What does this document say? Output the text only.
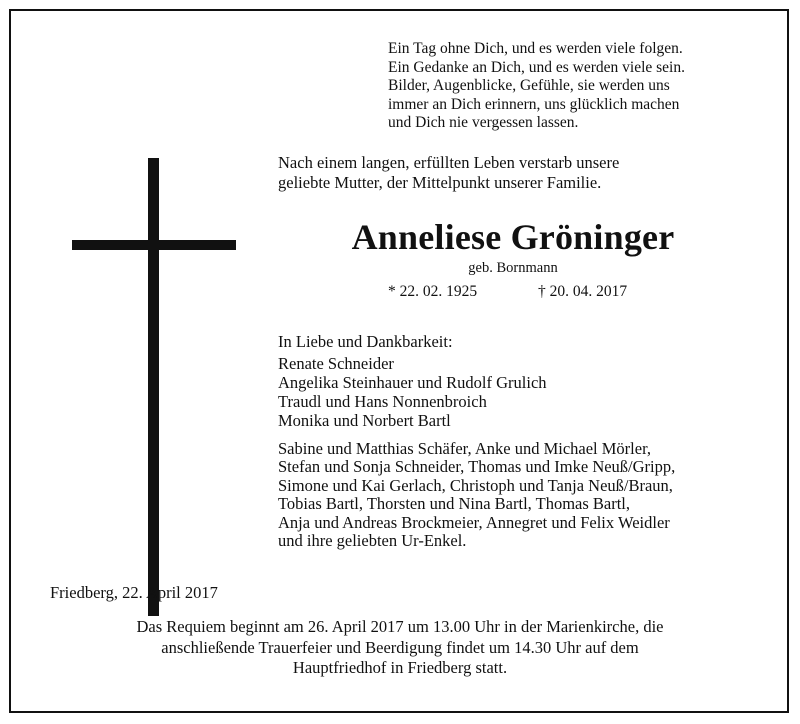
Ein Tag ohne Dich, und es werden viele folgen.
Ein Gedanke an Dich, und es werden viele sein.
Bilder, Augenblicke, Gefühle, sie werden uns
immer an Dich erinnern, uns glücklich machen
und Dich nie vergessen lassen.
Nach einem langen, erfüllten Leben verstarb unsere
geliebte Mutter, der Mittelpunkt unserer Familie.
Anneliese Gröninger
geb. Bornmann
* 22. 02. 1925	† 20. 04. 2017
In Liebe und Dankbarkeit:
Renate Schneider
Angelika Steinhauer und Rudolf Grulich
Traudl und Hans Nonnenbroich
Monika und Norbert Bartl
Sabine und Matthias Schäfer, Anke und Michael Mörler,
Stefan und Sonja Schneider, Thomas und Imke Neuß/Gripp,
Simone und Kai Gerlach, Christoph und Tanja Neuß/Braun,
Tobias Bartl, Thorsten und Nina Bartl, Thomas Bartl,
Anja und Andreas Brockmeier, Annegret und Felix Weidler
und ihre geliebten Ur-Enkel.
Friedberg, 22. April 2017
Das Requiem beginnt am 26. April 2017 um 13.00 Uhr in der Marienkirche, die
anschließende Trauerfeier und Beerdigung findet um 14.30 Uhr auf dem
Hauptfriedhof in Friedberg statt.
